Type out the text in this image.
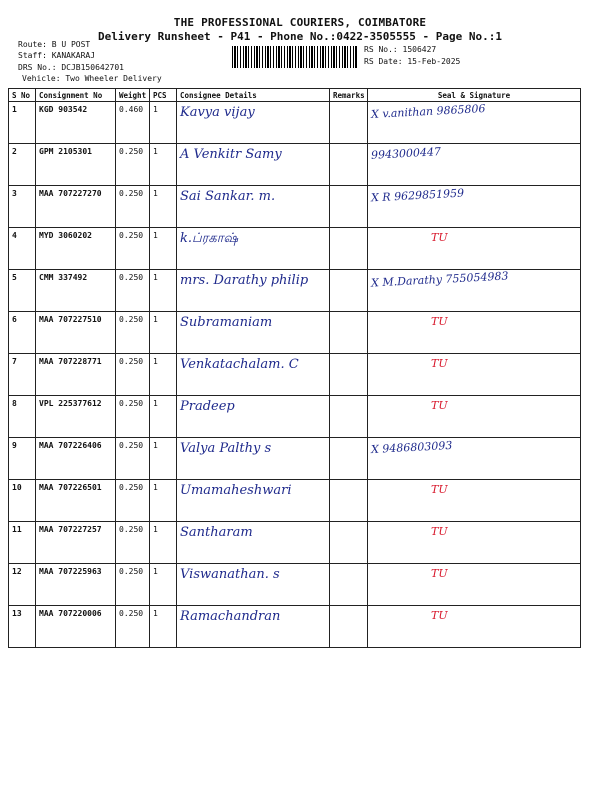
THE PROFESSIONAL COURIERS, COIMBATORE
Delivery Runsheet - P41 - Phone No.:0422-3505555 - Page No.:1
Route: B U POST
Staff: KANAKARAJ
DRS No.: DCJB150642701
Vehicle: Two Wheeler Delivery
RS No.: 1506427
RS Date: 15-Feb-2025
S No	Consignment No	Weight	PCS	Consignee Details	Remarks	Seal & Signature
1	KGD 903542	0.460	1	Kavya vijay		X v.anithan 9865806
2	GPM 2105301	0.250	1	A Venkitr Samy		9943000447
3	MAA 707227270	0.250	1	Sai Sankar. m.		X R 9629851959
4	MYD 3060202	0.250	1	k.ப்ரகாஷ்		TU
5	CMM 337492	0.250	1	mrs. Darathy philip		X M.Darathy 755054983
6	MAA 707227510	0.250	1	Subramaniam		TU
7	MAA 707228771	0.250	1	Venkatachalam. C		TU
8	VPL 225377612	0.250	1	Pradeep		TU
9	MAA 707226406	0.250	1	Valya Palthy s		X 9486803093
10	MAA 707226501	0.250	1	Umamaheshwari		TU
11	MAA 707227257	0.250	1	Santharam		TU
12	MAA 707225963	0.250	1	Viswanathan. s		TU
13	MAA 707220006	0.250	1	Ramachandran		TU
